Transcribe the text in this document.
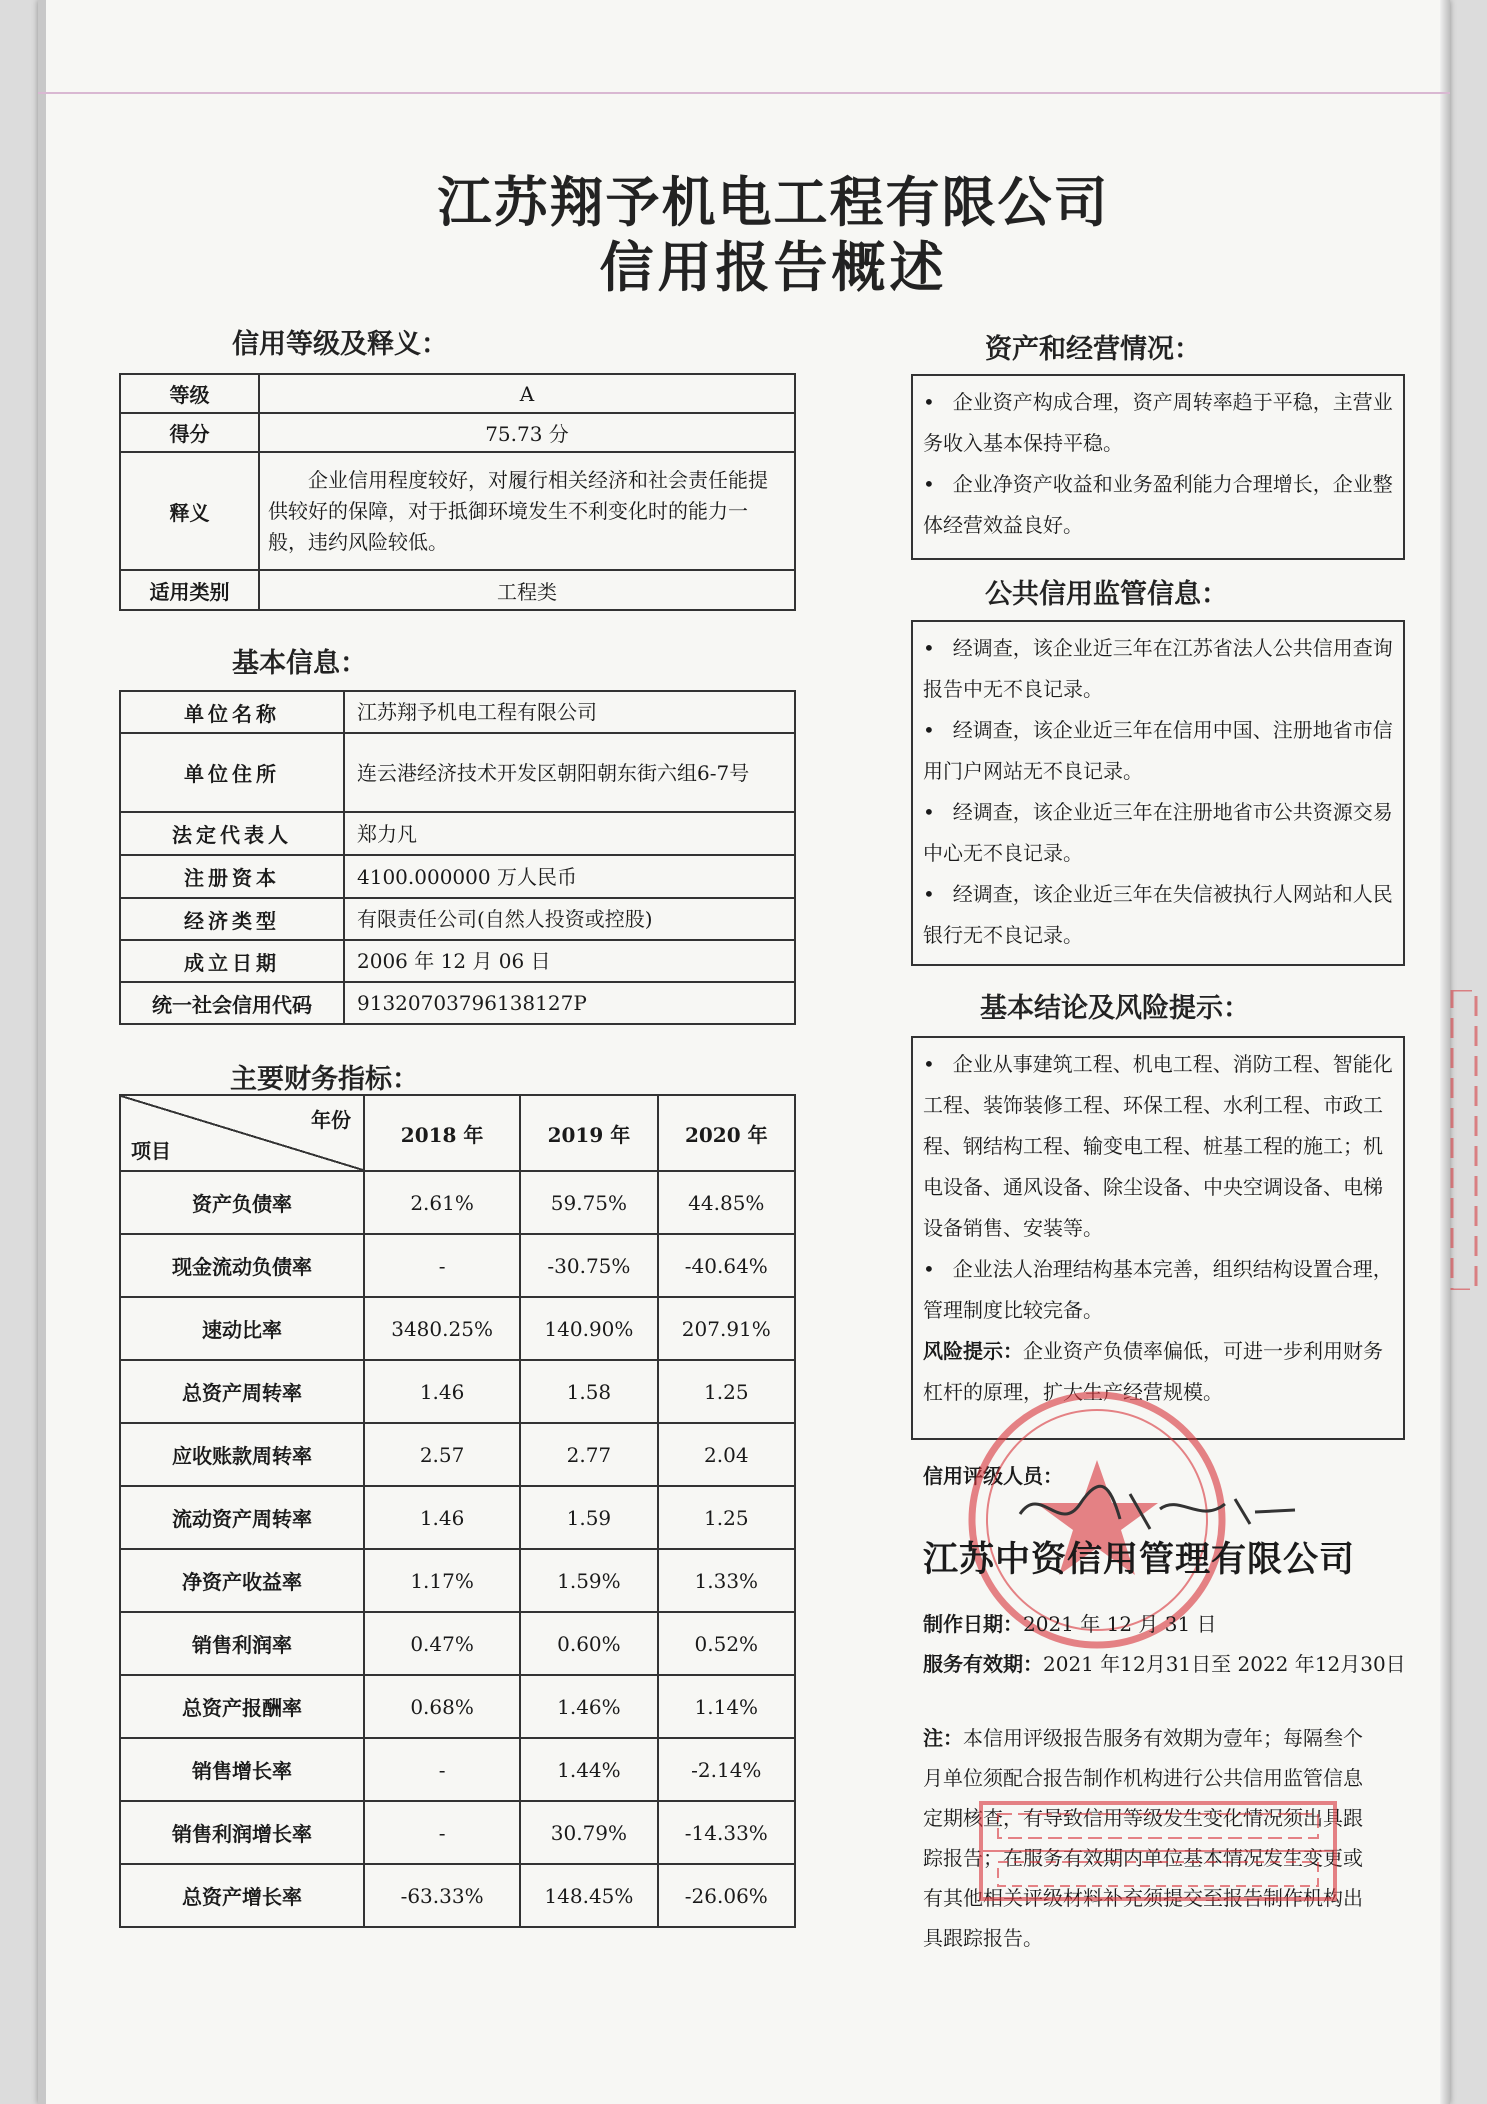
江苏翔予机电工程有限公司
信用报告概述
信用等级及释义：
等级	A
得分	75.73 分
释义	企业信用程度较好，对履行相关经济和社会责任能提供较好的保障，对于抵御环境发生不利变化时的能力一般，违约风险较低。
适用类别	工程类
基本信息：
单位名称	江苏翔予机电工程有限公司
单位住所	连云港经济技术开发区朝阳朝东街六组6-7号
法定代表人	郑力凡
注册资本	4100.000000 万人民币
经济类型	有限责任公司(自然人投资或控股)
成立日期	2006 年 12 月 06 日
统一社会信用代码	91320703796138127P
主要财务指标：
年份
项目	2018 年	2019 年	2020 年
资产负债率	2.61%	59.75%	44.85%
现金流动负债率	-	-30.75%	-40.64%
速动比率	3480.25%	140.90%	207.91%
总资产周转率	1.46	1.58	1.25
应收账款周转率	2.57	2.77	2.04
流动资产周转率	1.46	1.59	1.25
净资产收益率	1.17%	1.59%	1.33%
销售利润率	0.47%	0.60%	0.52%
总资产报酬率	0.68%	1.46%	1.14%
销售增长率	-	1.44%	-2.14%
销售利润增长率	-	30.79%	-14.33%
总资产增长率	-63.33%	148.45%	-26.06%
资产和经营情况：

• 企业资产构成合理，资产周转率趋于平稳，主营业务收入基本保持平稳。

• 企业净资产收益和业务盈利能力合理增长，企业整体经营效益良好。

公共信用监管信息：

• 经调查，该企业近三年在江苏省法人公共信用查询报告中无不良记录。

• 经调查，该企业近三年在信用中国、注册地省市信用门户网站无不良记录。

• 经调查，该企业近三年在注册地省市公共资源交易中心无不良记录。

• 经调查，该企业近三年在失信被执行人网站和人民银行无不良记录。

基本结论及风险提示：

• 企业从事建筑工程、机电工程、消防工程、智能化工程、装饰装修工程、环保工程、水利工程、市政工程、钢结构工程、输变电工程、桩基工程的施工；机电设备、通风设备、除尘设备、中央空调设备、电梯设备销售、安装等。

• 企业法人治理结构基本完善，组织结构设置合理，管理制度比较完备。

风险提示：企业资产负债率偏低，可进一步利用财务杠杆的原理，扩大生产经营规模。

信用评级人员：
江苏中资信用管理有限公司
制作日期：2021 年 12 月 31 日
服务有效期：2021 年12月31日至 2022 年12月30日
注：本信用评级报告服务有效期为壹年；每隔叁个月单位须配合报告制作机构进行公共信用监管信息定期核查，有导致信用等级发生变化情况须出具跟踪报告；在服务有效期内单位基本情况发生变更或有其他相关评级材料补充须提交至报告制作机构出具跟踪报告。
